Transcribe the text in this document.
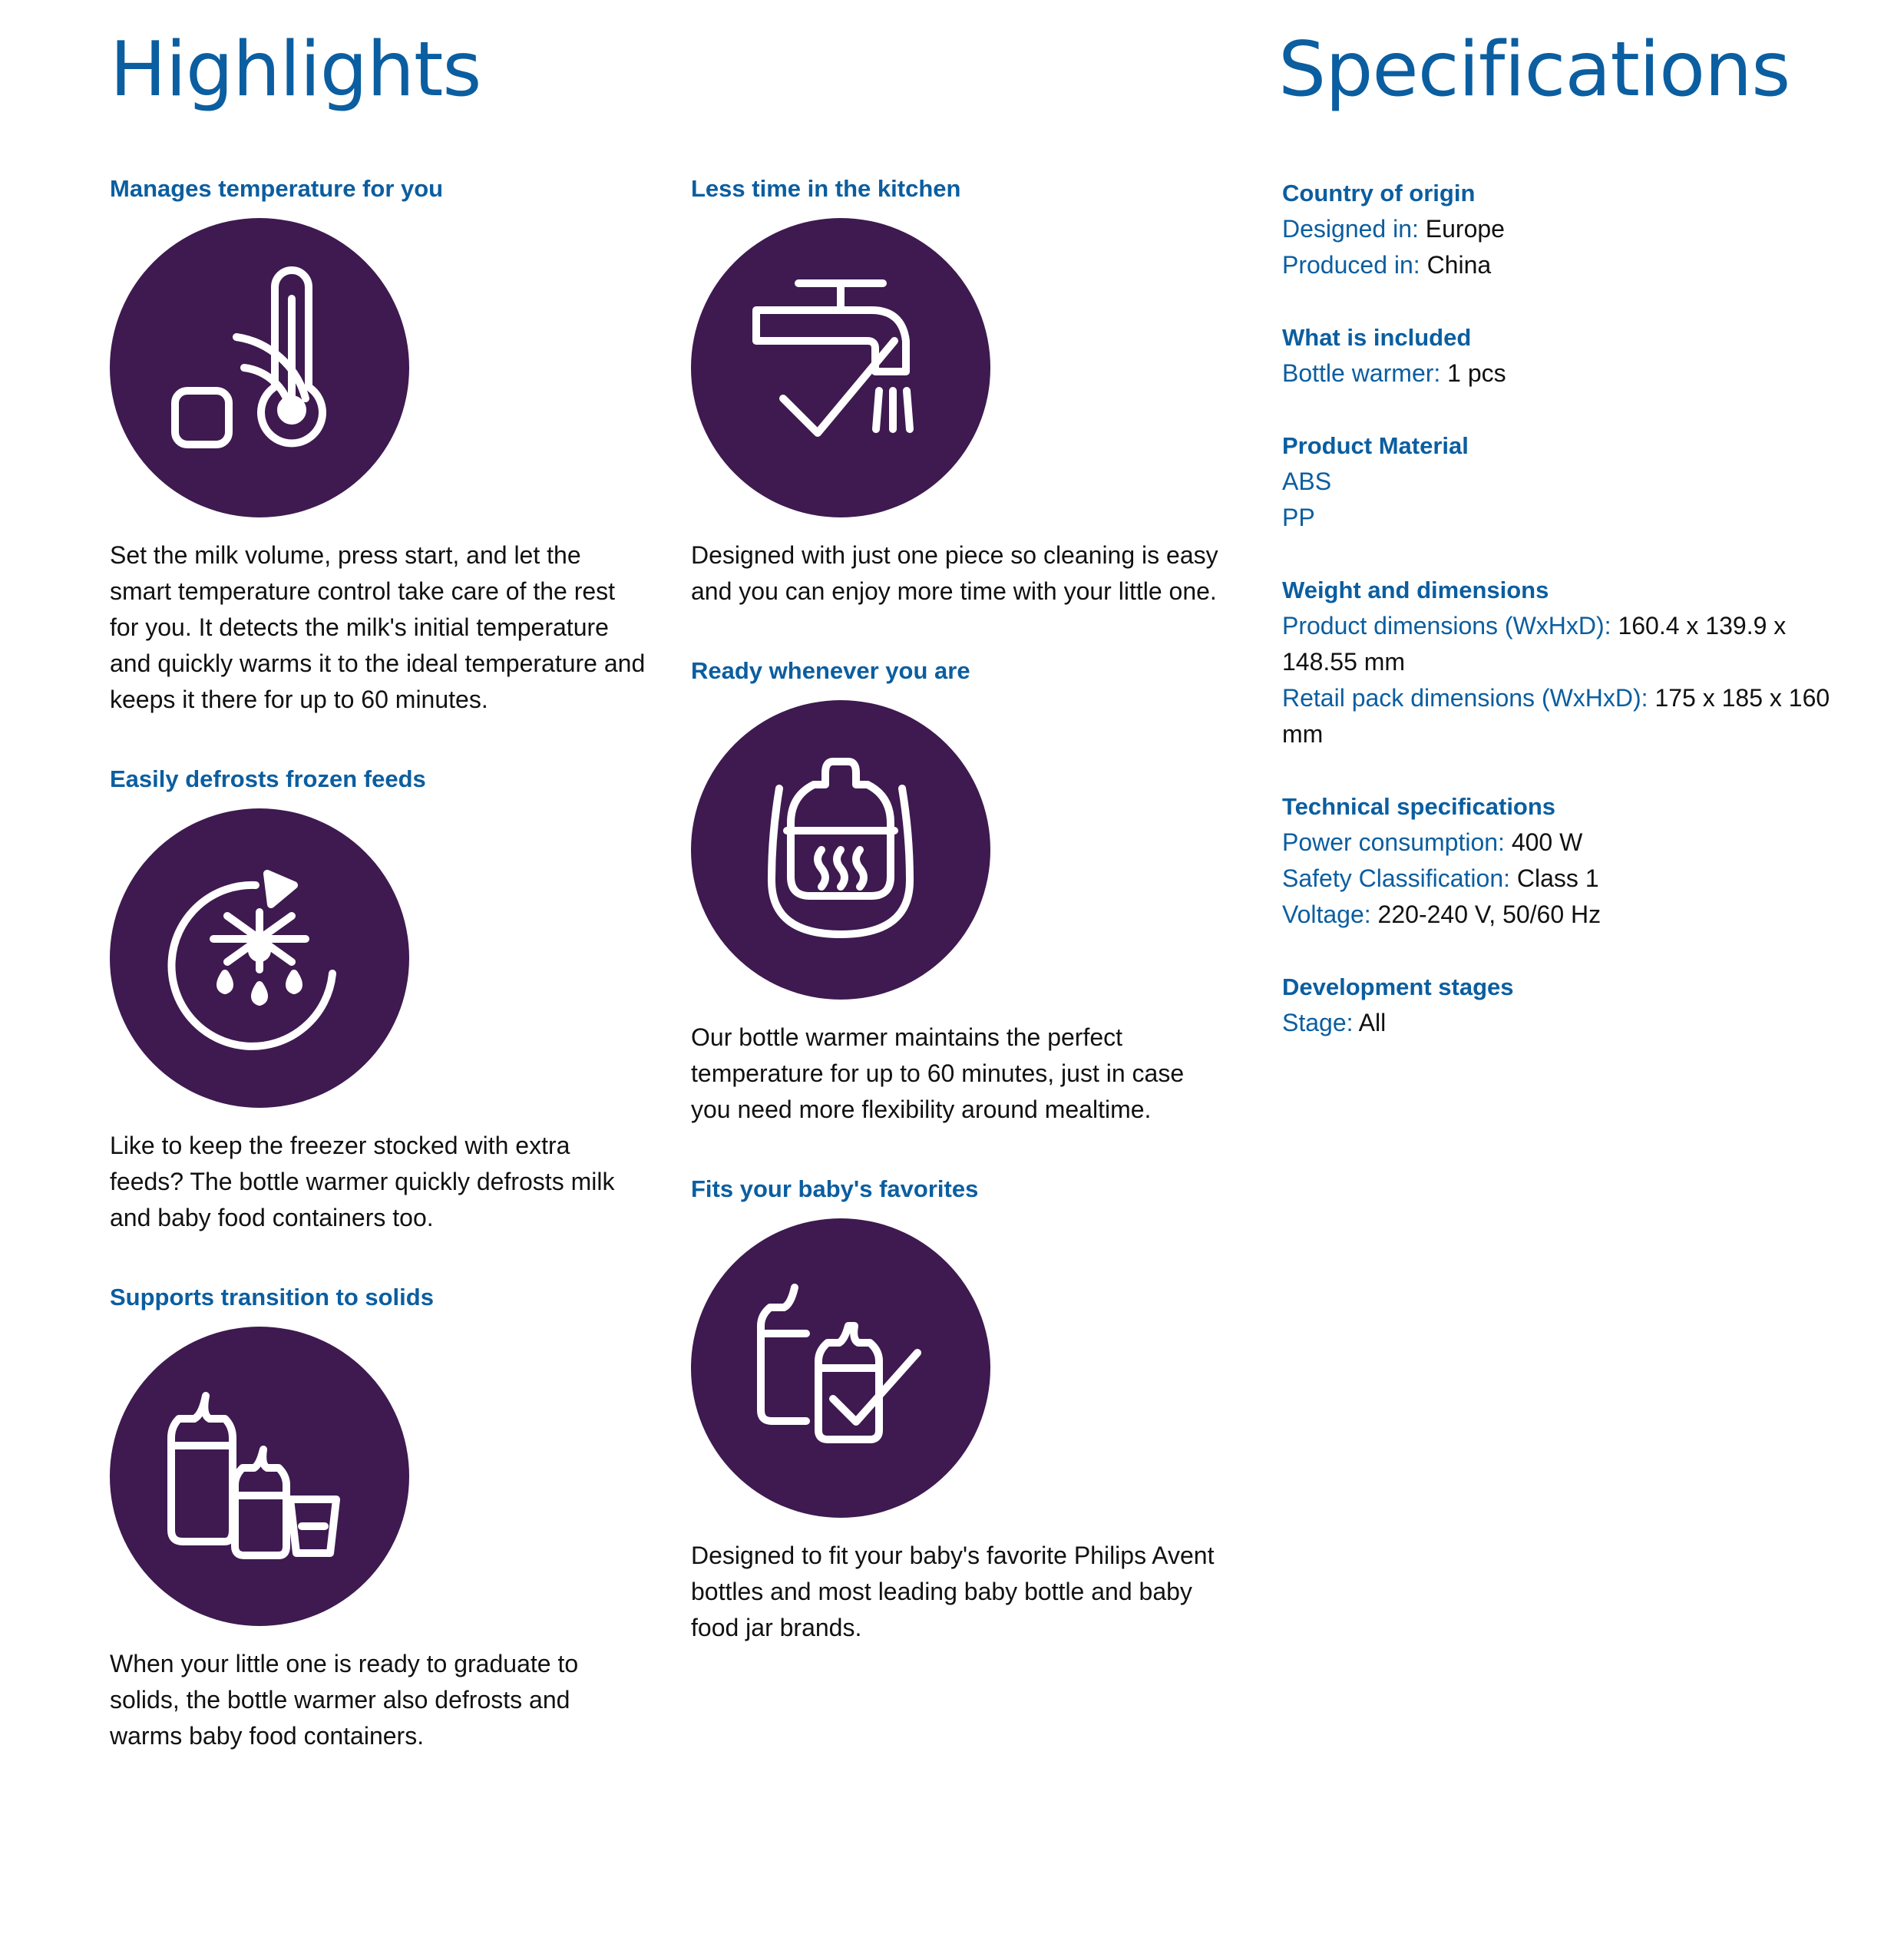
Highlights	Specifications
Manages temperature for you

Set the milk volume, press start, and let the smart temperature control take care of the rest for you. It detects the milk's initial temperature and quickly warms it to the ideal temperature and keeps it there for up to 60 minutes.

Easily defrosts frozen feeds

Like to keep the freezer stocked with extra feeds? The bottle warmer quickly defrosts milk and baby food containers too.

Supports transition to solids

When your little one is ready to graduate to solids, the bottle warmer also defrosts and warms baby food containers.

Less time in the kitchen

Designed with just one piece so cleaning is easy and you can enjoy more time with your little one.

Ready whenever you are

Our bottle warmer maintains the perfect temperature for up to 60 minutes, just in case you need more flexibility around mealtime.

Fits your baby's favorites

Designed to fit your baby's favorite Philips Avent bottles and most leading baby bottle and baby food jar brands.

Country of origin
Designed in: Europe
Produced in: China
What is included
Bottle warmer: 1 pcs
Product Material
ABS
PP
Weight and dimensions
Product dimensions (WxHxD): 160.4 x 139.9 x 148.55 mm
Retail pack dimensions (WxHxD): 175 x 185 x 160 mm
Technical specifications
Power consumption: 400 W
Safety Classification: Class 1
Voltage: 220-240 V, 50/60 Hz
Development stages
Stage: All
